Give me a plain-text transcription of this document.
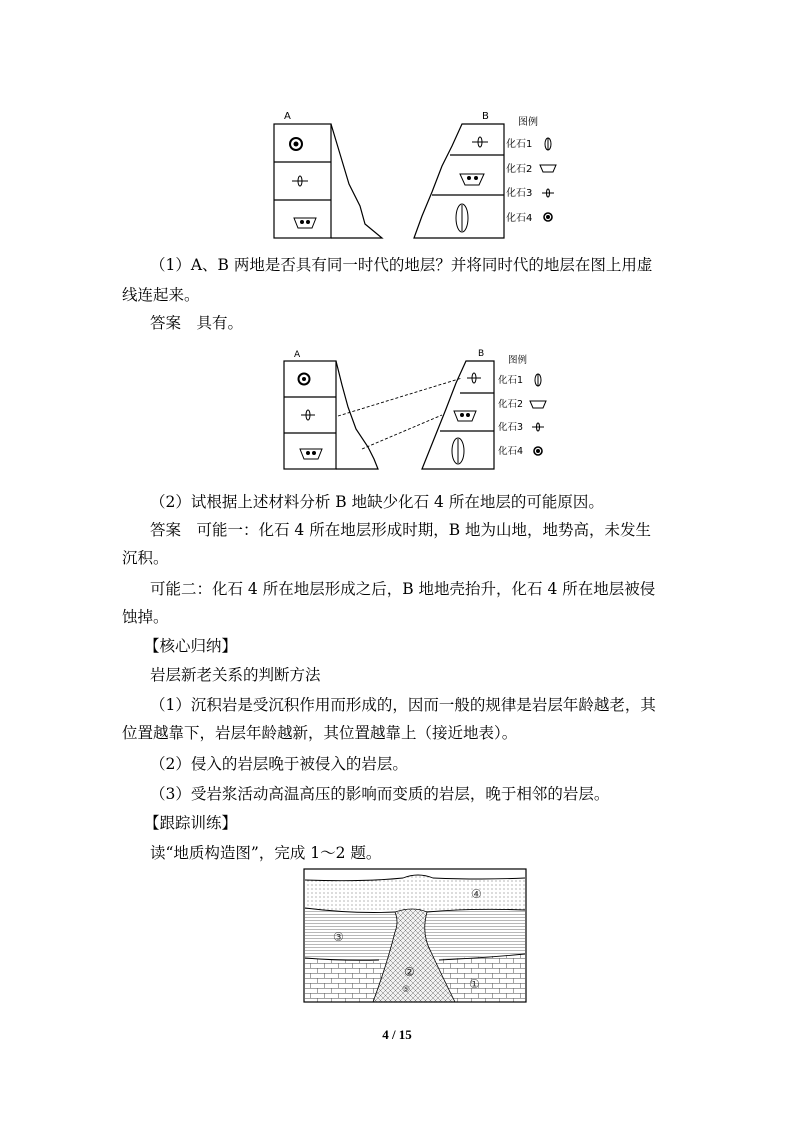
A	B
图例
化石1
化石2
化石3
化石4
（1）A、B 两地是否具有同一时代的地层？并将同时代的地层在图上用虚
线连起来。
答案　具有。
A	B
图例
化石1
化石2
化石3
化石4
（2）试根据上述材料分析 B 地缺少化石 4 所在地层的可能原因。
答案　可能一：化石 4 所在地层形成时期，B 地为山地，地势高，未发生
沉积。
可能二：化石 4 所在地层形成之后，B 地地壳抬升，化石 4 所在地层被侵
蚀掉。
【核心归纳】
岩层新老关系的判断方法
（1）沉积岩是受沉积作用而形成的，因而一般的规律是岩层年龄越老，其
位置越靠下，岩层年龄越新，其位置越靠上（接近地表）。
（2）侵入的岩层晚于被侵入的岩层。
（3）受岩浆活动高温高压的影响而变质的岩层，晚于相邻的岩层。
【跟踪训练】
读“地质构造图”，完成 1～2 题。
④
③
②
⑤	①
4 / 15
